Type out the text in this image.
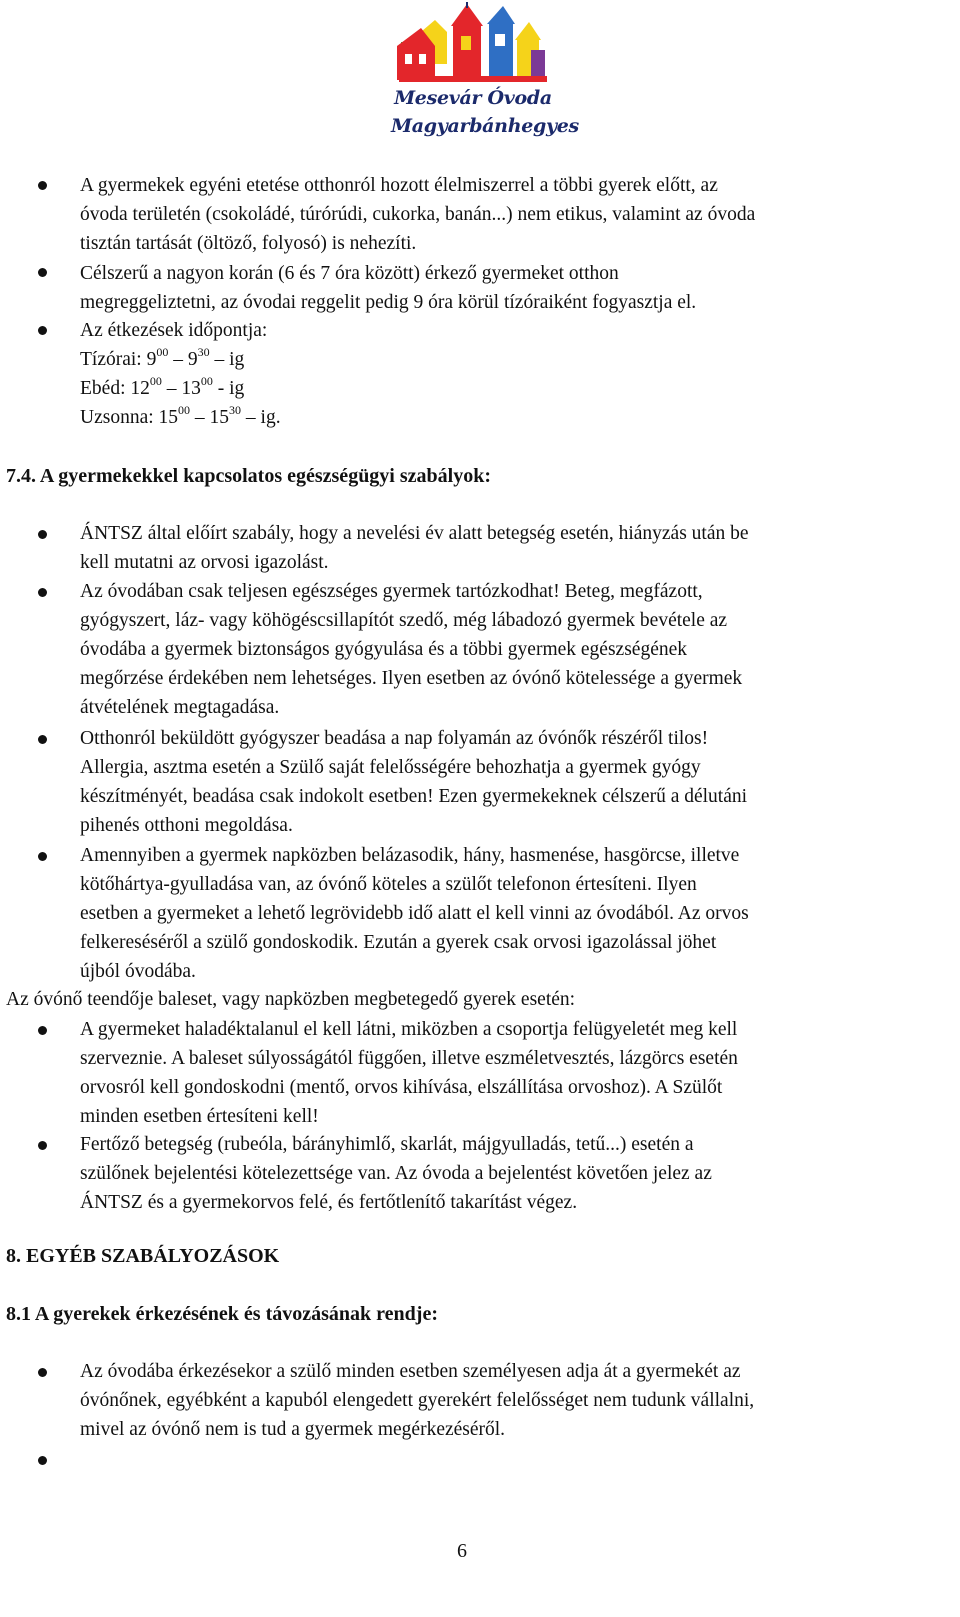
Mesevár Óvoda
Magyarbánhegyes

A gyermekek egyéni etetése otthonról hozott élelmiszerrel a többi gyerek előtt, az

óvoda területén (csokoládé, túrórúdi, cukorka, banán...) nem etikus, valamint az óvoda

tisztán tartását (öltöző, folyosó) is nehezíti.

Célszerű a nagyon korán (6 és 7 óra között) érkező gyermeket otthon

megreggeliztetni, az óvodai reggelit pedig 9 óra körül tízóraiként fogyasztja el.

Az étkezések időpontja:

Tízórai: $9^{00} - 9^{30}$ – ig

Ebéd: $12^{00} - 13^{00}$ - ig

Uzsonna: $15^{00} - 15^{30}$ – ig.

7.4. A gyermekekkel kapcsolatos egészségügyi szabályok:

ÁNTSZ által előírt szabály, hogy a nevelési év alatt betegség esetén, hiányzás után be

kell mutatni az orvosi igazolást.

Az óvodában csak teljesen egészséges gyermek tartózkodhat! Beteg, megfázott,

gyógyszert, láz- vagy köhögéscsillapítót szedő, még lábadozó gyermek bevétele az

óvodába a gyermek biztonságos gyógyulása és a többi gyermek egészségének

megőrzése érdekében nem lehetséges. Ilyen esetben az óvónő kötelessége a gyermek

átvételének megtagadása.

Otthonról beküldött gyógyszer beadása a nap folyamán az óvónők részéről tilos!

Allergia, asztma esetén a Szülő saját felelősségére behozhatja a gyermek gyógy

készítményét, beadása csak indokolt esetben! Ezen gyermekeknek célszerű a délutáni

pihenés otthoni megoldása.

Amennyiben a gyermek napközben belázasodik, hány, hasmenése, hasgörcse, illetve

kötőhártya-gyulladása van, az óvónő köteles a szülőt telefonon értesíteni. Ilyen

esetben a gyermeket a lehető legrövidebb idő alatt el kell vinni az óvodából. Az orvos

felkereséséről a szülő gondoskodik. Ezután a gyerek csak orvosi igazolással jöhet

újból óvodába.

Az óvónő teendője baleset, vagy napközben megbetegedő gyerek esetén:

A gyermeket haladéktalanul el kell látni, miközben a csoportja felügyeletét meg kell

szerveznie. A baleset súlyosságától függően, illetve eszméletvesztés, lázgörcs esetén

orvosról kell gondoskodni (mentő, orvos kihívása, elszállítása orvoshoz). A Szülőt

minden esetben értesíteni kell!

Fertőző betegség (rubeóla, bárányhimlő, skarlát, májgyulladás, tetű...) esetén a

szülőnek bejelentési kötelezettsége van. Az óvoda a bejelentést követően jelez az

ÁNTSZ és a gyermekorvos felé, és fertőtlenítő takarítást végez.

8. EGYÉB SZABÁLYOZÁSOK
8.1 A gyerekek érkezésének és távozásának rendje:

Az óvodába érkezésekor a szülő minden esetben személyesen adja át a gyermekét az

óvónőnek, egyébként a kapuból elengedett gyerekért felelősséget nem tudunk vállalni,

mivel az óvónő nem is tud a gyermek megérkezéséről.

6
